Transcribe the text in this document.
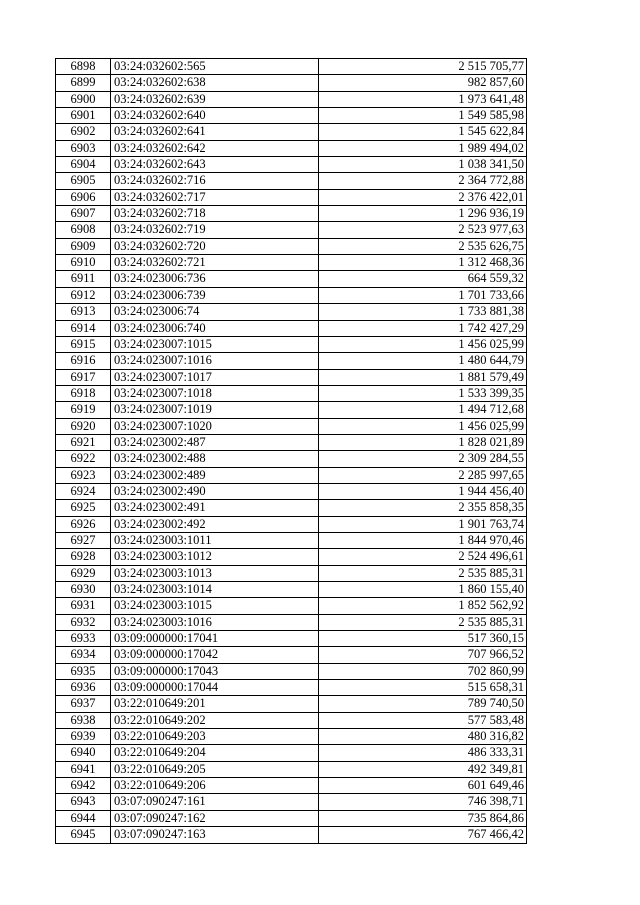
6898	03:24:032602:565	2 515 705,77
6899	03:24:032602:638	982 857,60
6900	03:24:032602:639	1 973 641,48
6901	03:24:032602:640	1 549 585,98
6902	03:24:032602:641	1 545 622,84
6903	03:24:032602:642	1 989 494,02
6904	03:24:032602:643	1 038 341,50
6905	03:24:032602:716	2 364 772,88
6906	03:24:032602:717	2 376 422,01
6907	03:24:032602:718	1 296 936,19
6908	03:24:032602:719	2 523 977,63
6909	03:24:032602:720	2 535 626,75
6910	03:24:032602:721	1 312 468,36
6911	03:24:023006:736	664 559,32
6912	03:24:023006:739	1 701 733,66
6913	03:24:023006:74	1 733 881,38
6914	03:24:023006:740	1 742 427,29
6915	03:24:023007:1015	1 456 025,99
6916	03:24:023007:1016	1 480 644,79
6917	03:24:023007:1017	1 881 579,49
6918	03:24:023007:1018	1 533 399,35
6919	03:24:023007:1019	1 494 712,68
6920	03:24:023007:1020	1 456 025,99
6921	03:24:023002:487	1 828 021,89
6922	03:24:023002:488	2 309 284,55
6923	03:24:023002:489	2 285 997,65
6924	03:24:023002:490	1 944 456,40
6925	03:24:023002:491	2 355 858,35
6926	03:24:023002:492	1 901 763,74
6927	03:24:023003:1011	1 844 970,46
6928	03:24:023003:1012	2 524 496,61
6929	03:24:023003:1013	2 535 885,31
6930	03:24:023003:1014	1 860 155,40
6931	03:24:023003:1015	1 852 562,92
6932	03:24:023003:1016	2 535 885,31
6933	03:09:000000:17041	517 360,15
6934	03:09:000000:17042	707 966,52
6935	03:09:000000:17043	702 860,99
6936	03:09:000000:17044	515 658,31
6937	03:22:010649:201	789 740,50
6938	03:22:010649:202	577 583,48
6939	03:22:010649:203	480 316,82
6940	03:22:010649:204	486 333,31
6941	03:22:010649:205	492 349,81
6942	03:22:010649:206	601 649,46
6943	03:07:090247:161	746 398,71
6944	03:07:090247:162	735 864,86
6945	03:07:090247:163	767 466,42
